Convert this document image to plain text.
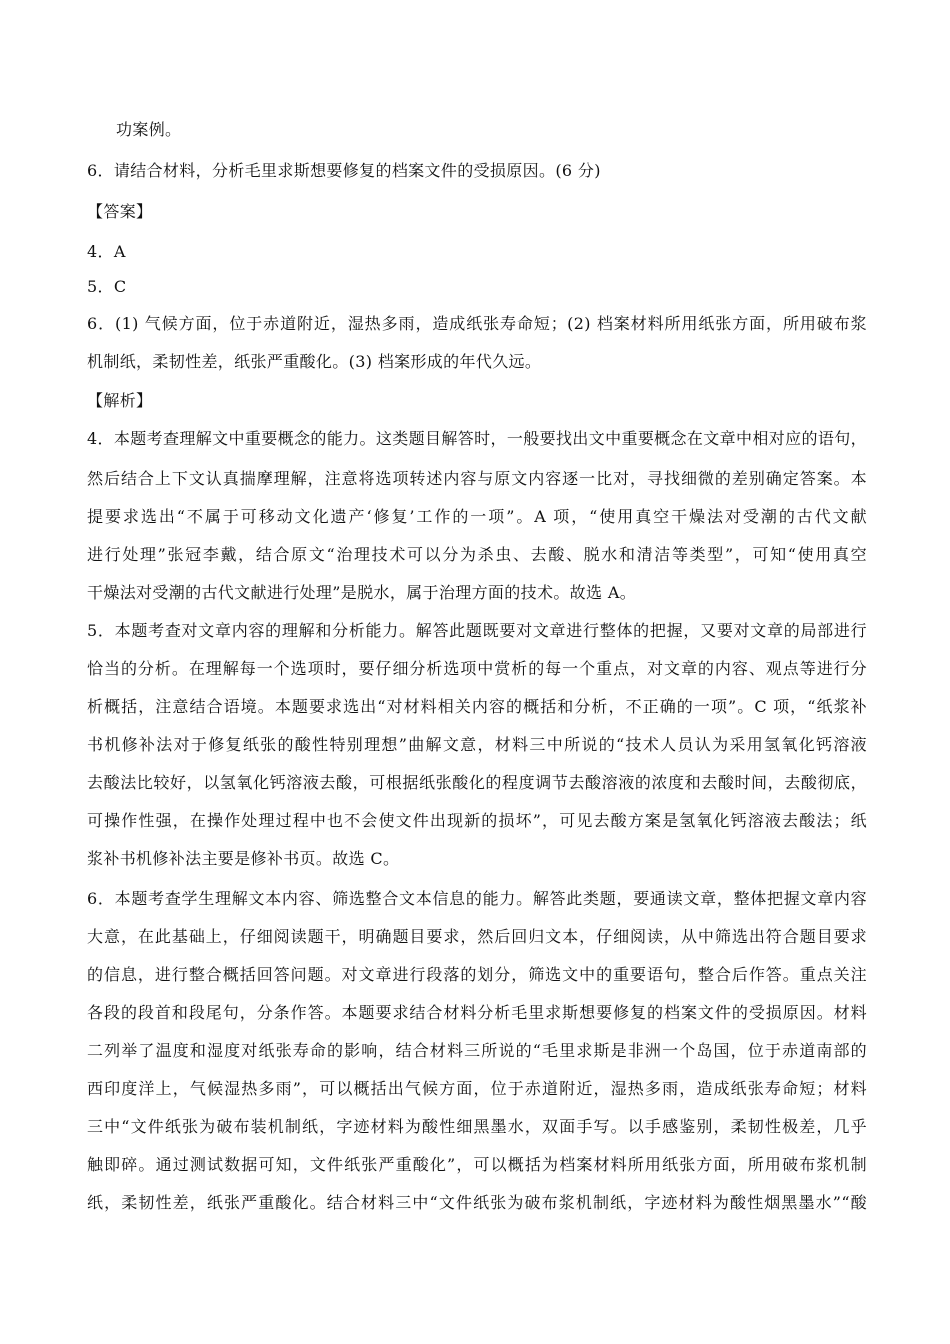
功案例。
6．请结合材料，分析毛里求斯想要修复的档案文件的受损原因。(6 分)
【答案】
4．A
5．C
6．(1) 气候方面，位于赤道附近，湿热多雨，造成纸张寿命短；(2) 档案材料所用纸张方面，所用破布浆
机制纸，柔韧性差，纸张严重酸化。(3) 档案形成的年代久远。
【解析】
4．本题考查理解文中重要概念的能力。这类题目解答时，一般要找出文中重要概念在文章中相对应的语句，
然后结合上下文认真揣摩理解，注意将选项转述内容与原文内容逐一比对，寻找细微的差别确定答案。本
提要求选出“不属于可移动文化遗产‘修复’工作的一项”。A 项，“使用真空干燥法对受潮的古代文献
进行处理”张冠李戴，结合原文“治理技术可以分为杀虫、去酸、脱水和清洁等类型”，可知“使用真空
干燥法对受潮的古代文献进行处理”是脱水，属于治理方面的技术。故选 A。
5．本题考查对文章内容的理解和分析能力。解答此题既要对文章进行整体的把握，又要对文章的局部进行
恰当的分析。在理解每一个选项时，要仔细分析选项中赏析的每一个重点，对文章的内容、观点等进行分
析概括，注意结合语境。本题要求选出“对材料相关内容的概括和分析，不正确的一项”。C 项，“纸浆补
书机修补法对于修复纸张的酸性特别理想”曲解文意，材料三中所说的“技术人员认为采用氢氧化钙溶液
去酸法比较好，以氢氧化钙溶液去酸，可根据纸张酸化的程度调节去酸溶液的浓度和去酸时间，去酸彻底，
可操作性强，在操作处理过程中也不会使文件出现新的损坏”，可见去酸方案是氢氧化钙溶液去酸法；纸
浆补书机修补法主要是修补书页。故选 C。
6．本题考查学生理解文本内容、筛选整合文本信息的能力。解答此类题，要通读文章，整体把握文章内容
大意，在此基础上，仔细阅读题干，明确题目要求，然后回归文本，仔细阅读，从中筛选出符合题目要求
的信息，进行整合概括回答问题。对文章进行段落的划分，筛选文中的重要语句，整合后作答。重点关注
各段的段首和段尾句，分条作答。本题要求结合材料分析毛里求斯想要修复的档案文件的受损原因。材料
二列举了温度和湿度对纸张寿命的影响，结合材料三所说的“毛里求斯是非洲一个岛国，位于赤道南部的
西印度洋上，气候湿热多雨”，可以概括出气候方面，位于赤道附近，湿热多雨，造成纸张寿命短；材料
三中“文件纸张为破布装机制纸，字迹材料为酸性细黑墨水，双面手写。以手感鉴别，柔韧性极差，几乎
触即碎。通过测试数据可知，文件纸张严重酸化”，可以概括为档案材料所用纸张方面，所用破布浆机制
纸，柔韧性差，纸张严重酸化。结合材料三中“文件纸张为破布浆机制纸，字迹材料为酸性烟黑墨水”“酸
